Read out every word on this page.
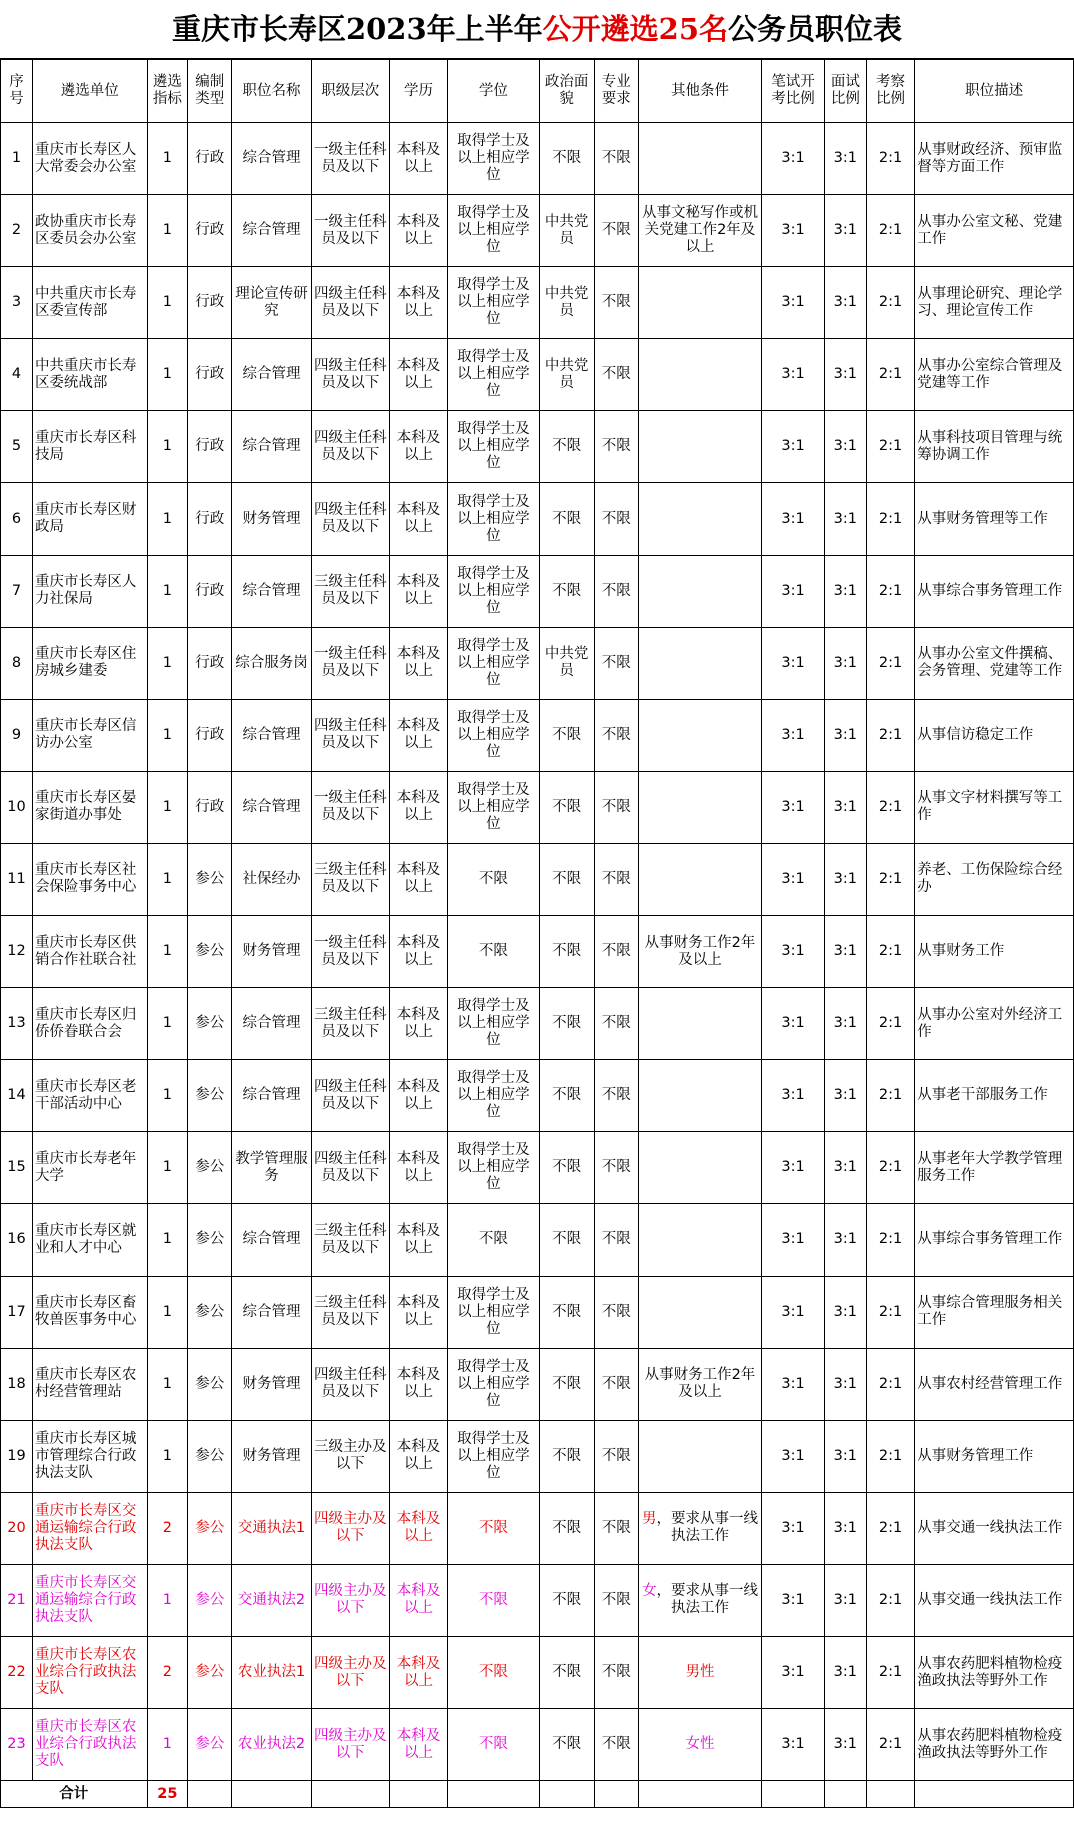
重庆市长寿区2023年上半年公开遴选25名公务员职位表
序号	遴选单位	遴选指标	编制类型	职位名称	职级层次	学历	学位	政治面貌	专业要求	其他条件	笔试开考比例	面试比例	考察比例	职位描述
1	重庆市长寿区人大常委会办公室	1	行政	综合管理	一级主任科员及以下	本科及以上	取得学士及以上相应学位	不限	不限		3:1	3:1	2:1	从事财政经济、预审监督等方面工作
2	政协重庆市长寿区委员会办公室	1	行政	综合管理	一级主任科员及以下	本科及以上	取得学士及以上相应学位	中共党员	不限	从事文秘写作或机关党建工作2年及以上	3:1	3:1	2:1	从事办公室文秘、党建工作
3	中共重庆市长寿区委宣传部	1	行政	理论宣传研究	四级主任科员及以下	本科及以上	取得学士及以上相应学位	中共党员	不限		3:1	3:1	2:1	从事理论研究、理论学习、理论宣传工作
4	中共重庆市长寿区委统战部	1	行政	综合管理	四级主任科员及以下	本科及以上	取得学士及以上相应学位	中共党员	不限		3:1	3:1	2:1	从事办公室综合管理及党建等工作
5	重庆市长寿区科技局	1	行政	综合管理	四级主任科员及以下	本科及以上	取得学士及以上相应学位	不限	不限		3:1	3:1	2:1	从事科技项目管理与统筹协调工作
6	重庆市长寿区财政局	1	行政	财务管理	四级主任科员及以下	本科及以上	取得学士及以上相应学位	不限	不限		3:1	3:1	2:1	从事财务管理等工作
7	重庆市长寿区人力社保局	1	行政	综合管理	三级主任科员及以下	本科及以上	取得学士及以上相应学位	不限	不限		3:1	3:1	2:1	从事综合事务管理工作
8	重庆市长寿区住房城乡建委	1	行政	综合服务岗	一级主任科员及以下	本科及以上	取得学士及以上相应学位	中共党员	不限		3:1	3:1	2:1	从事办公室文件撰稿、会务管理、党建等工作
9	重庆市长寿区信访办公室	1	行政	综合管理	四级主任科员及以下	本科及以上	取得学士及以上相应学位	不限	不限		3:1	3:1	2:1	从事信访稳定工作
10	重庆市长寿区晏家街道办事处	1	行政	综合管理	一级主任科员及以下	本科及以上	取得学士及以上相应学位	不限	不限		3:1	3:1	2:1	从事文字材料撰写等工作
11	重庆市长寿区社会保险事务中心	1	参公	社保经办	三级主任科员及以下	本科及以上	不限	不限	不限		3:1	3:1	2:1	养老、工伤保险综合经办
12	重庆市长寿区供销合作社联合社	1	参公	财务管理	一级主任科员及以下	本科及以上	不限	不限	不限	从事财务工作2年及以上	3:1	3:1	2:1	从事财务工作
13	重庆市长寿区归侨侨眷联合会	1	参公	综合管理	三级主任科员及以下	本科及以上	取得学士及以上相应学位	不限	不限		3:1	3:1	2:1	从事办公室对外经济工作
14	重庆市长寿区老干部活动中心	1	参公	综合管理	四级主任科员及以下	本科及以上	取得学士及以上相应学位	不限	不限		3:1	3:1	2:1	从事老干部服务工作
15	重庆市长寿老年大学	1	参公	教学管理服务	四级主任科员及以下	本科及以上	取得学士及以上相应学位	不限	不限		3:1	3:1	2:1	从事老年大学教学管理服务工作
16	重庆市长寿区就业和人才中心	1	参公	综合管理	三级主任科员及以下	本科及以上	不限	不限	不限		3:1	3:1	2:1	从事综合事务管理工作
17	重庆市长寿区畜牧兽医事务中心	1	参公	综合管理	三级主任科员及以下	本科及以上	取得学士及以上相应学位	不限	不限		3:1	3:1	2:1	从事综合管理服务相关工作
18	重庆市长寿区农村经营管理站	1	参公	财务管理	四级主任科员及以下	本科及以上	取得学士及以上相应学位	不限	不限	从事财务工作2年及以上	3:1	3:1	2:1	从事农村经营管理工作
19	重庆市长寿区城市管理综合行政执法支队	1	参公	财务管理	三级主办及以下	本科及以上	取得学士及以上相应学位	不限	不限		3:1	3:1	2:1	从事财务管理工作
20	重庆市长寿区交通运输综合行政执法支队	2	参公	交通执法1	四级主办及以下	本科及以上	不限	不限	不限	男，要求从事一线执法工作	3:1	3:1	2:1	从事交通一线执法工作
21	重庆市长寿区交通运输综合行政执法支队	1	参公	交通执法2	四级主办及以下	本科及以上	不限	不限	不限	女，要求从事一线执法工作	3:1	3:1	2:1	从事交通一线执法工作
22	重庆市长寿区农业综合行政执法支队	2	参公	农业执法1	四级主办及以下	本科及以上	不限	不限	不限	男性	3:1	3:1	2:1	从事农药肥料植物检疫渔政执法等野外工作
23	重庆市长寿区农业综合行政执法支队	1	参公	农业执法2	四级主办及以下	本科及以上	不限	不限	不限	女性	3:1	3:1	2:1	从事农药肥料植物检疫渔政执法等野外工作
合计		25												
